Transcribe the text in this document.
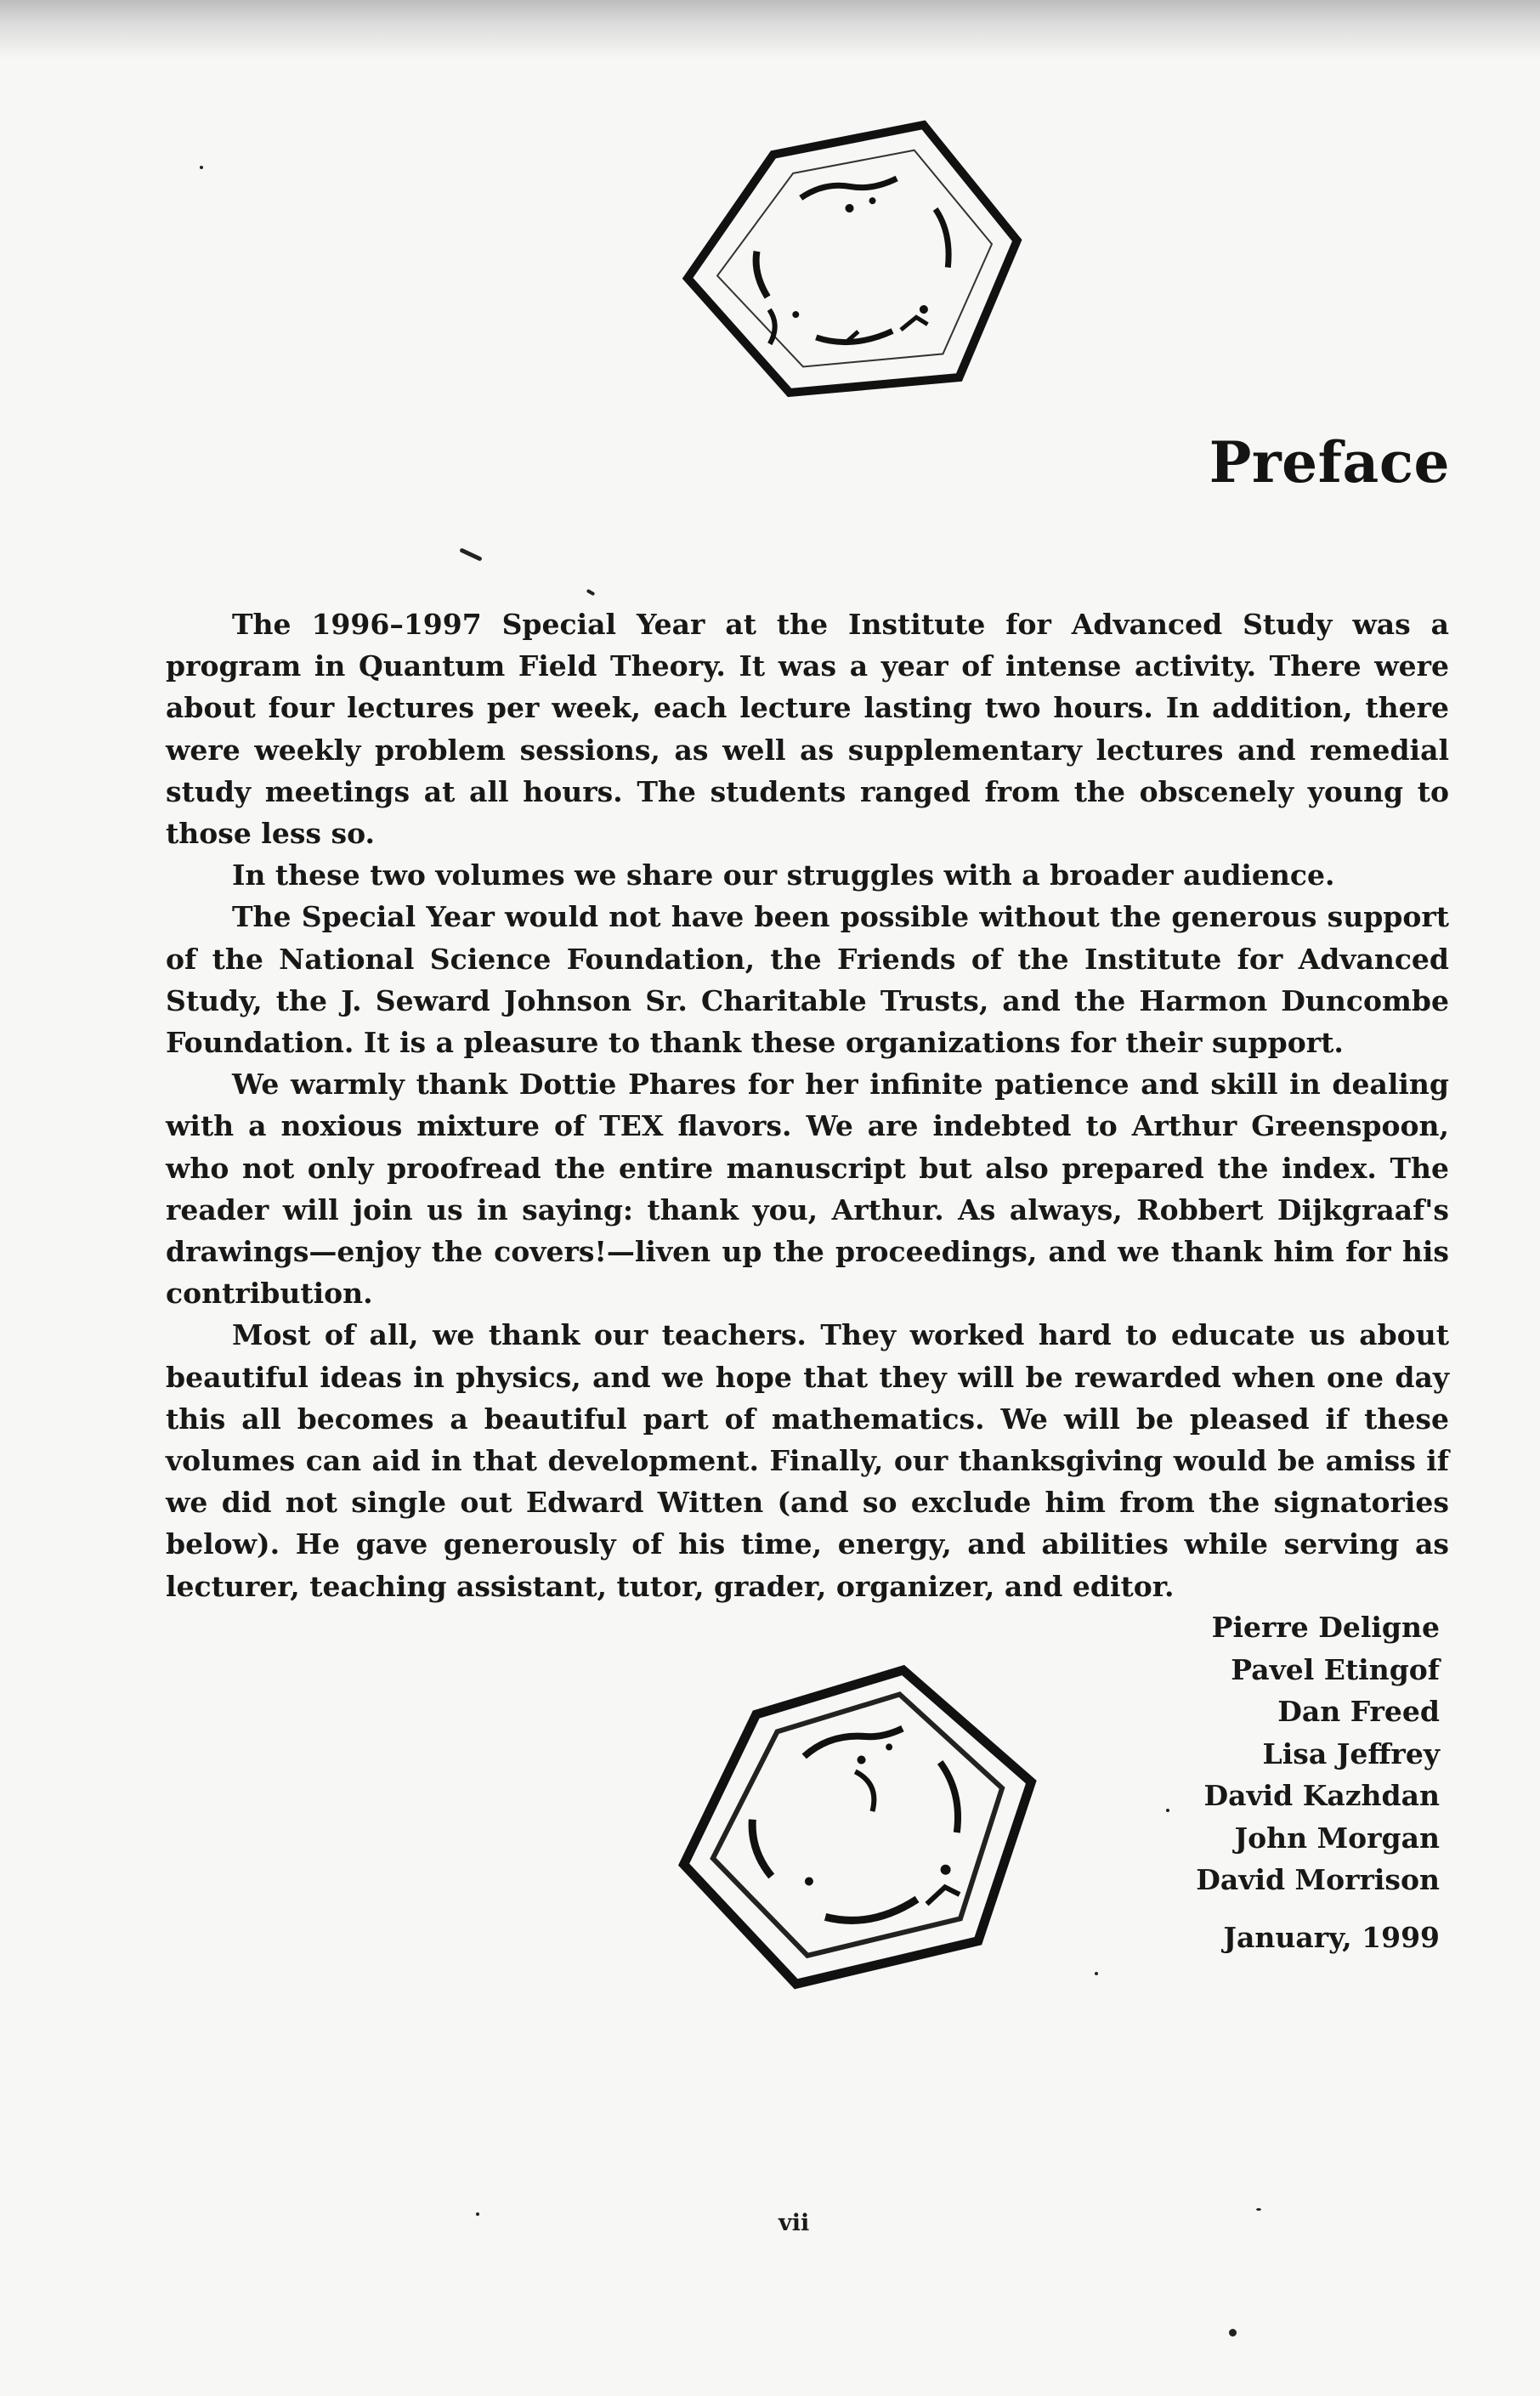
Preface

The 1996–1997 Special Year at the Institute for Advanced Study was a program in Quantum Field Theory. It was a year of intense activity. There were about four lectures per week, each lecture lasting two hours. In addition, there were weekly problem sessions, as well as supplementary lectures and remedial study meetings at all hours. The students ranged from the obscenely young to those less so.

In these two volumes we share our struggles with a broader audience.

The Special Year would not have been possible without the generous support of the National Science Foundation, the Friends of the Institute for Advanced Study, the J. Seward Johnson Sr. Charitable Trusts, and the Harmon Duncombe Foundation. It is a pleasure to thank these organizations for their support.

We warmly thank Dottie Phares for her infinite patience and skill in dealing with a noxious mixture of TEX flavors. We are indebted to Arthur Greenspoon, who not only proofread the entire manuscript but also prepared the index. The reader will join us in saying: thank you, Arthur. As always, Robbert Dijkgraaf's drawings—enjoy the covers!—liven up the proceedings, and we thank him for his contribution.

Most of all, we thank our teachers. They worked hard to educate us about beautiful ideas in physics, and we hope that they will be rewarded when one day this all becomes a beautiful part of mathematics. We will be pleased if these volumes can aid in that development. Finally, our thanksgiving would be amiss if we did not single out Edward Witten (and so exclude him from the signatories below). He gave generously of his time, energy, and abilities while serving as lecturer, teaching assistant, tutor, grader, organizer, and editor.

Pierre Deligne
Pavel Etingof
Dan Freed
Lisa Jeffrey
David Kazhdan
John Morgan
David Morrison
January, 1999
vii
